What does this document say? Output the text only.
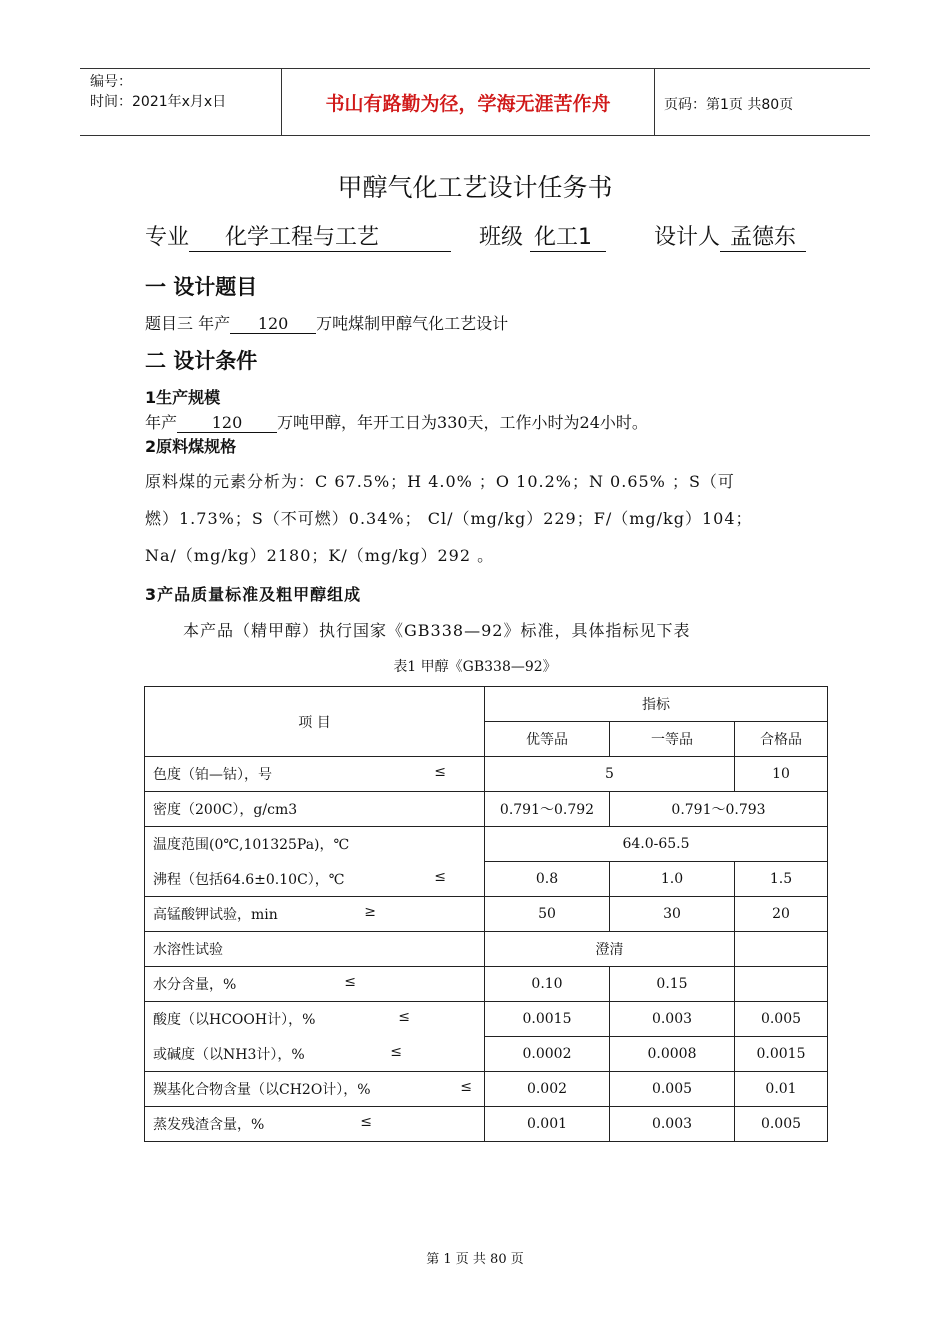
编号：
时间：2021年x月x日	书山有路勤为径，学海无涯苦作舟	页码：第1页 共80页
甲醇气化工艺设计任务书
专业 化学工程与工艺	班级 化工1	设计人 孟德东
一 设计题目
题目三 年产 120 万吨煤制甲醇气化工艺设计
二 设计条件
1生产规模
年产 120 万吨甲醇，年开工日为330天，工作小时为24小时。
2原料煤规格
原料煤的元素分析为：C 67.5%；H 4.0% ；O 10.2%；N 0.65% ；S（可
燃）1.73%；S（不可燃）0.34%； Cl/（mg/kg）229；F/（mg/kg）104；
Na/（mg/kg）2180；K/（mg/kg）292 。
3产品质量标准及粗甲醇组成
本产品（精甲醇）执行国家《GB338—92》标准，具体指标见下表
表1 甲醇《GB338—92》
项 目	指标		
	优等品	一等品	合格品
色度（铂—钴），号 ≤	5		10
密度（200C），g/cm3	0.791～0.792	0.791～0.793	
温度范围(0℃,101325Pa)，℃	64.0-65.5		
沸程（包括64.6±0.10C），℃ ≤	0.8	1.0	1.5
高锰酸钾试验，min ≥	50	30	20
水溶性试验	澄清		
水分含量，% ≤	0.10	0.15	
酸度（以HCOOH计），% ≤	0.0015	0.003	0.005
或碱度（以NH3计），% ≤	0.0002	0.0008	0.0015
羰基化合物含量（以CH2O计），% ≤	0.002	0.005	0.01
蒸发残渣含量，% ≤	0.001	0.003	0.005
第 1 页 共 80 页
